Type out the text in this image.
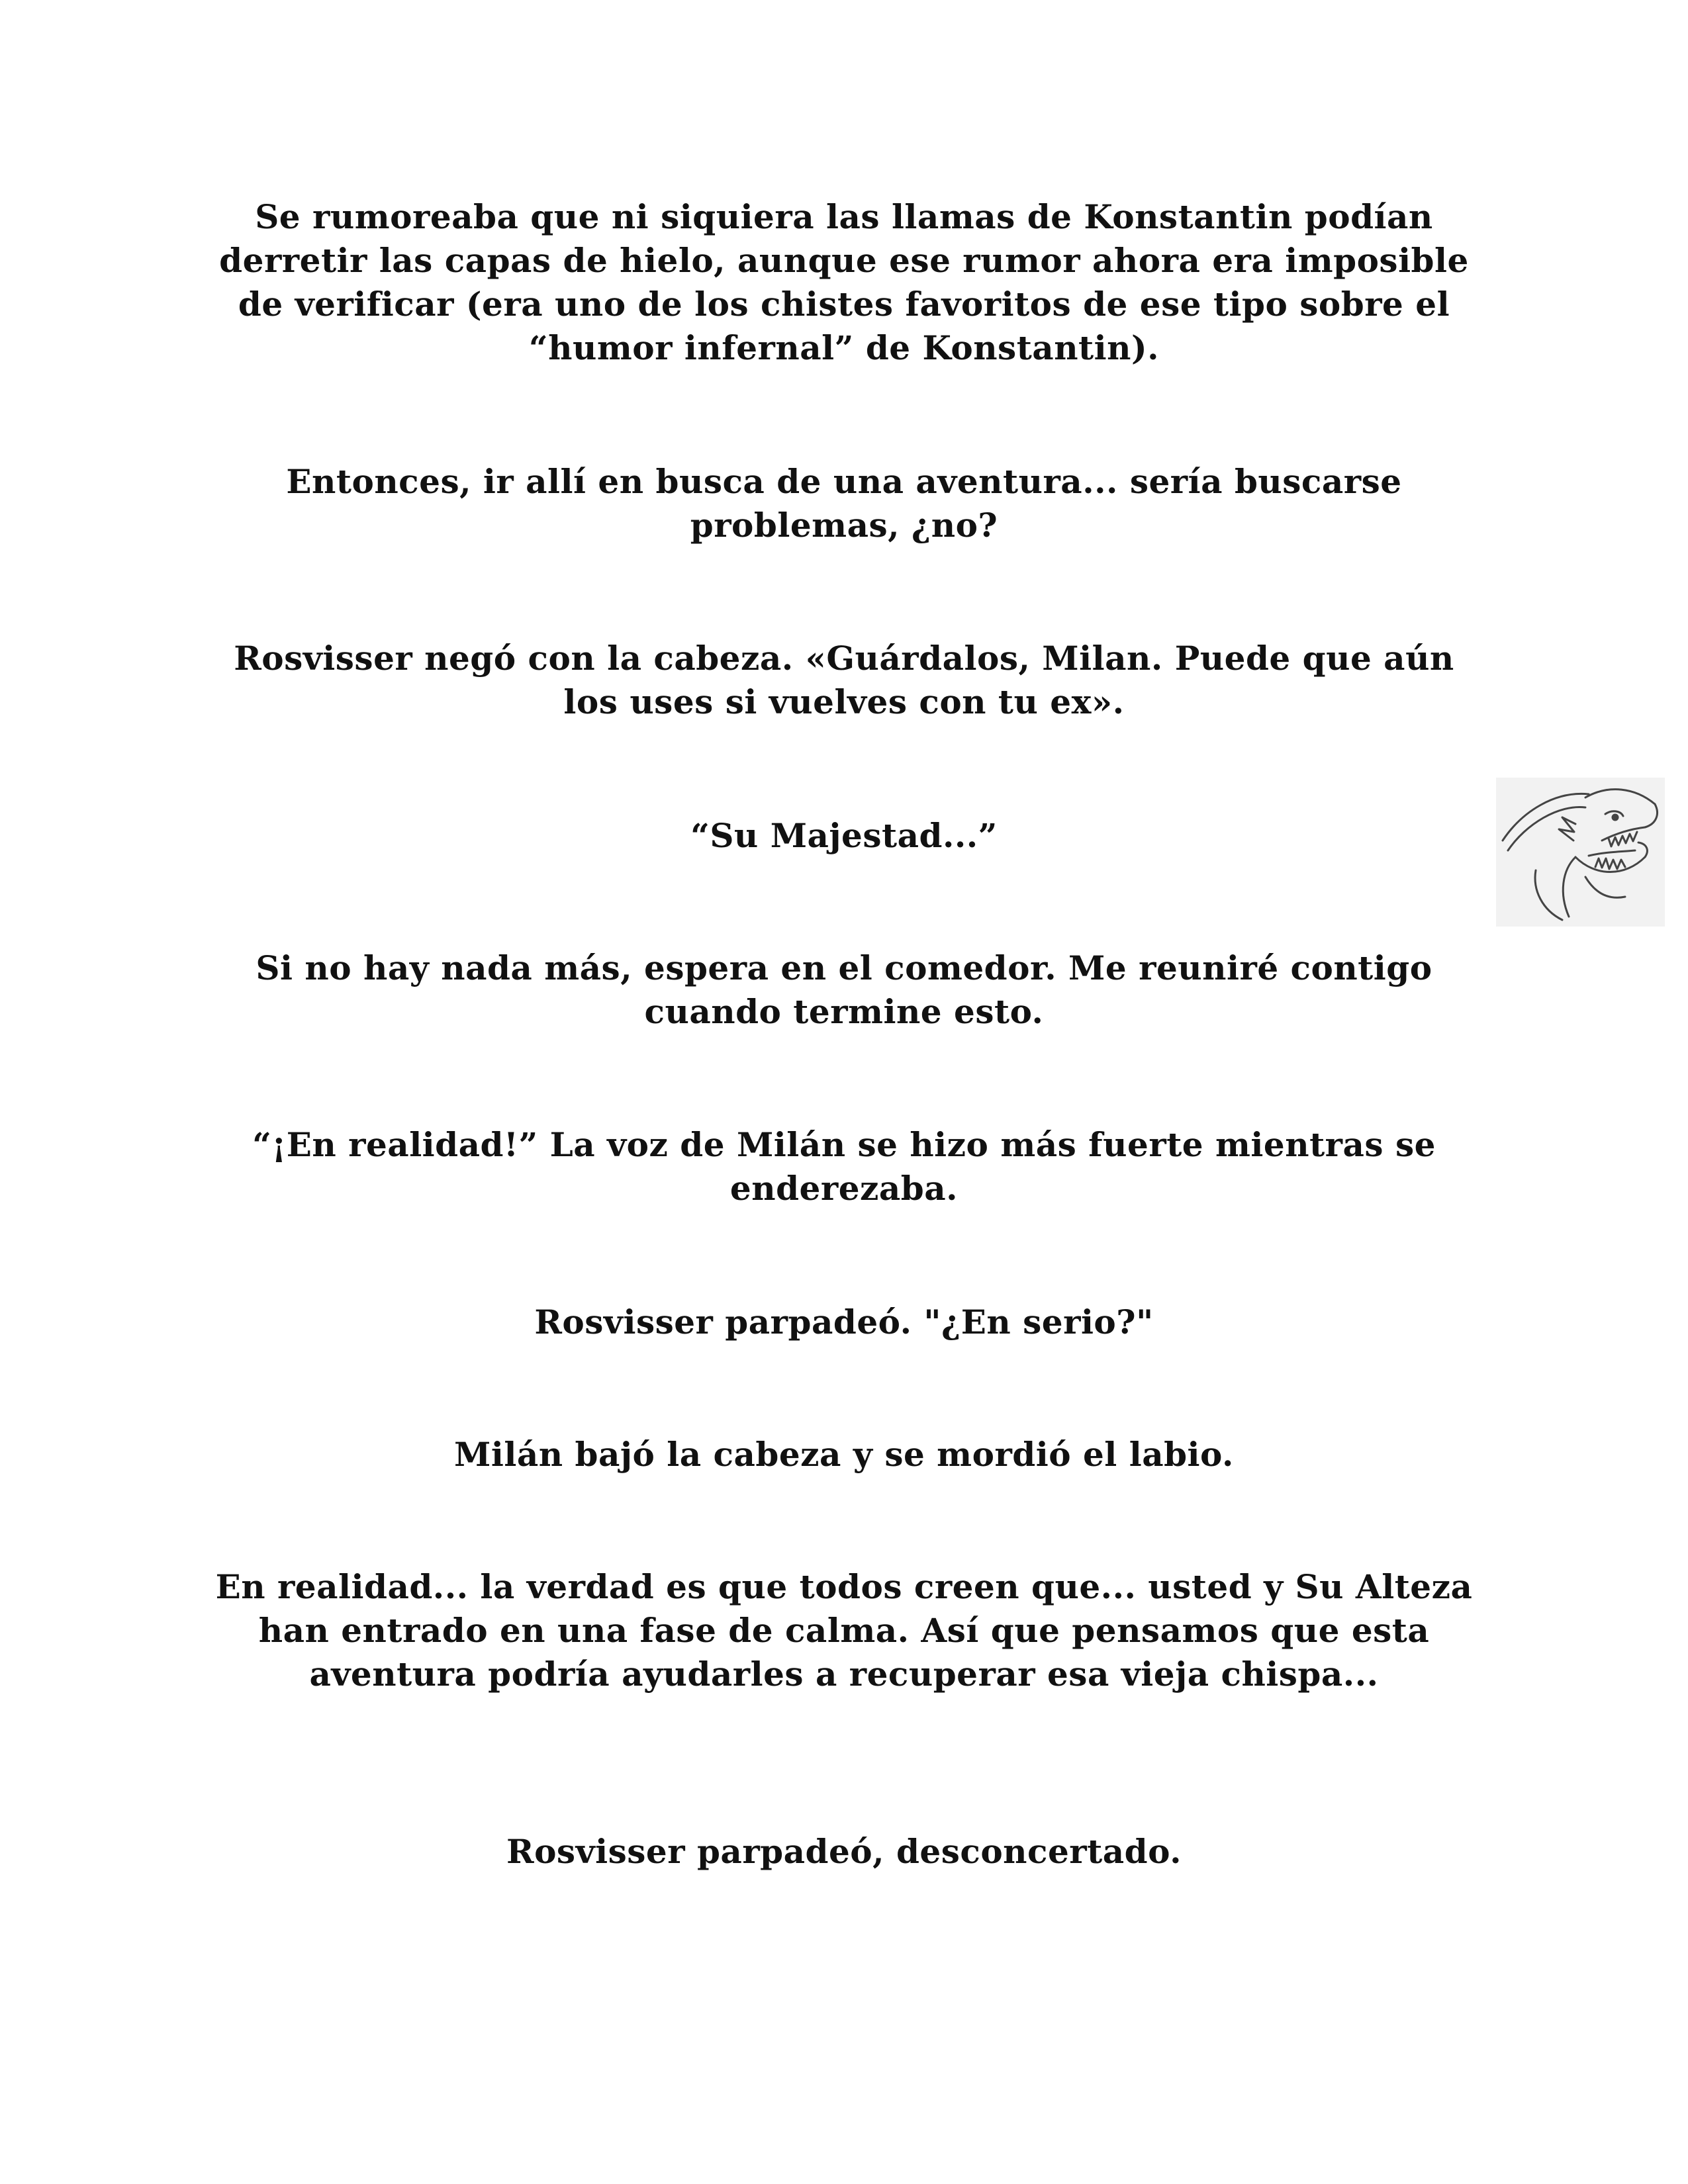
Se rumoreaba que ni siquiera las llamas de Konstantin podían derretir las capas de hielo, aunque ese rumor ahora era imposible de verificar (era uno de los chistes favoritos de ese tipo sobre el “humor infernal” de Konstantin).

Entonces, ir allí en busca de una aventura... sería buscarse problemas, ¿no?

Rosvisser negó con la cabeza. «Guárdalos, Milan. Puede que aún los uses si vuelves con tu ex».

“Su Majestad...”

Si no hay nada más, espera en el comedor. Me reuniré contigo cuando termine esto.

“¡En realidad!” La voz de Milán se hizo más fuerte mientras se enderezaba.

Rosvisser parpadeó. "¿En serio?"

Milán bajó la cabeza y se mordió el labio.

En realidad... la verdad es que todos creen que... usted y Su Alteza han entrado en una fase de calma. Así que pensamos que esta aventura podría ayudarles a recuperar esa vieja chispa...

Rosvisser parpadeó, desconcertado.
